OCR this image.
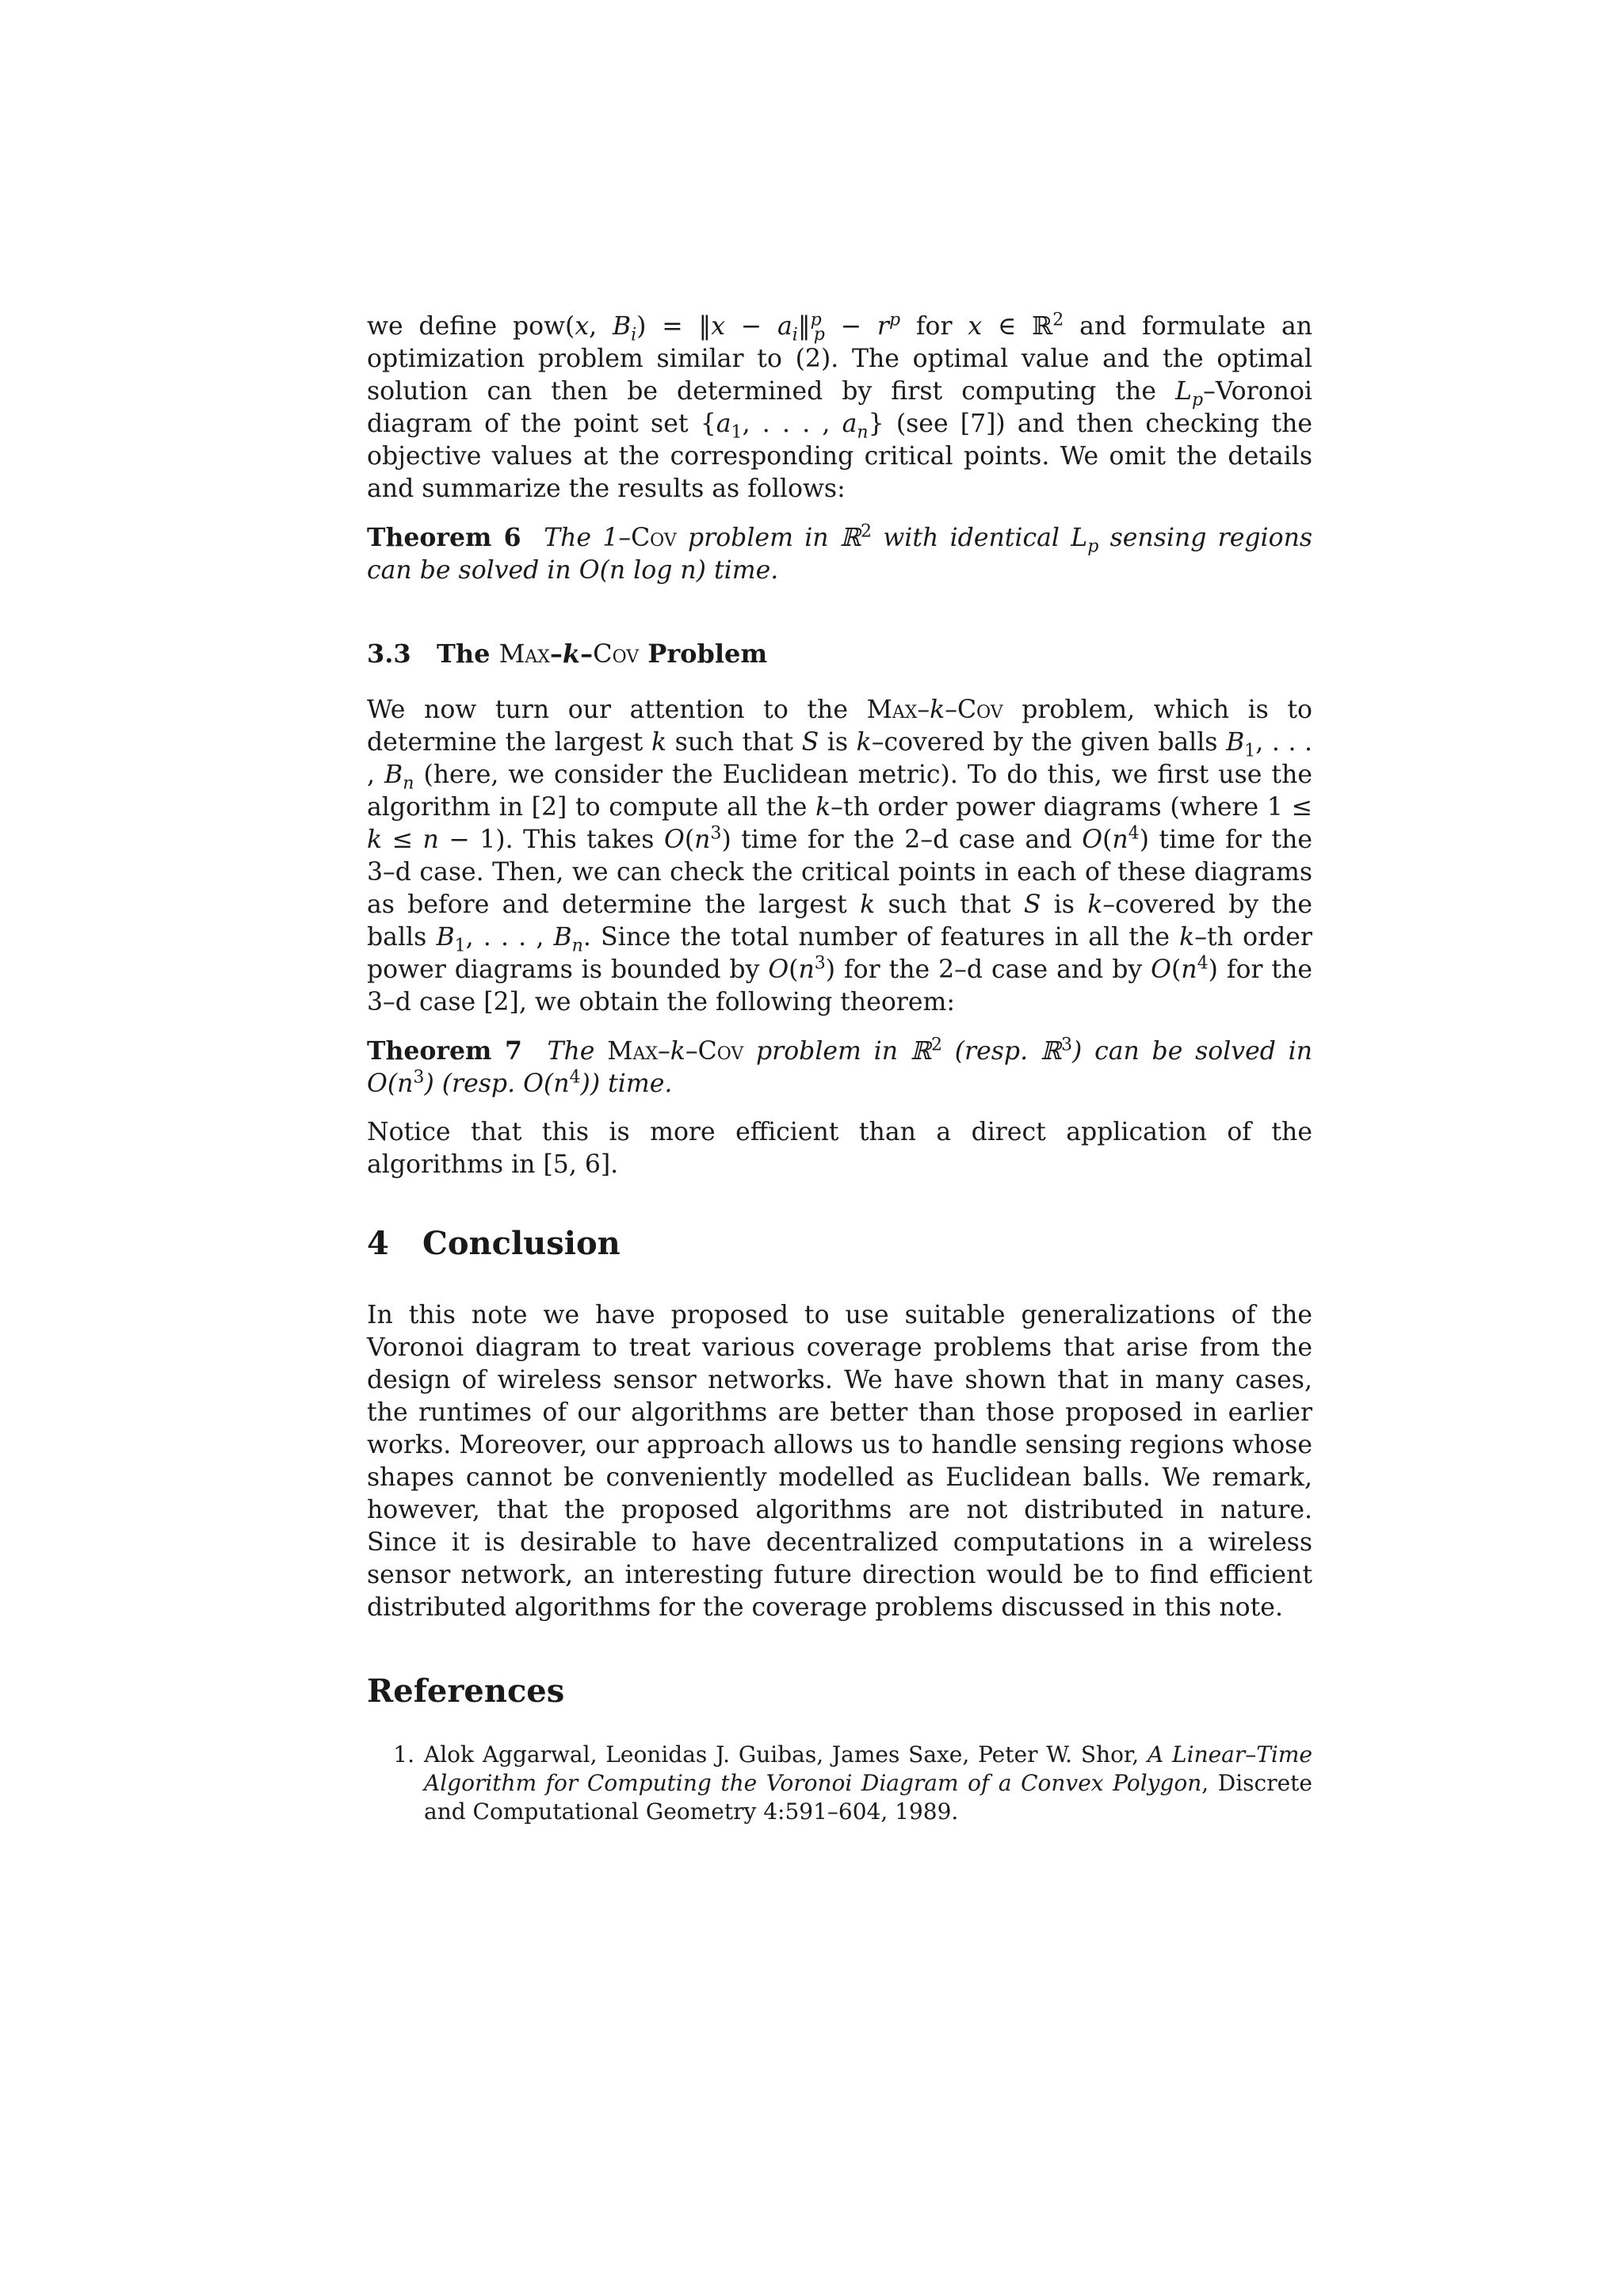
we define pow(x, $B_i$) = ‖x − $a_i‖^p_p - r^p$ for x ∈ ℝ$^2$ and formulate an optimization problem similar to (2). The optimal value and the optimal solution can then be determined by first computing the $L_p$–Voronoi diagram of the point set {$a_1$, . . . , $a_n$} (see [7]) and then checking the objective values at the corresponding critical points. We omit the details and summarize the results as follows:

Theorem 6 The 1–Cov problem in ℝ$^2$ with identical $L_p$ sensing regions can be solved in O(n log n) time.

3.3 The Max–k–Cov Problem

We now turn our attention to the Max–k–Cov problem, which is to determine the largest k such that S is k–covered by the given balls $B_1$, . . . , $B_n$ (here, we consider the Euclidean metric). To do this, we first use the algorithm in [2] to compute all the k–th order power diagrams (where 1 ≤ k ≤ n − 1). This takes $O(n^3)$ time for the 2–d case and $O(n^4)$ time for the 3–d case. Then, we can check the critical points in each of these diagrams as before and determine the largest k such that S is k–covered by the balls $B_1$, . . . , $B_n$. Since the total number of features in all the k–th order power diagrams is bounded by $O(n^3)$ for the 2–d case and by $O(n^4)$ for the 3–d case [2], we obtain the following theorem:

Theorem 7 The Max–k–Cov problem in ℝ$^2$ (resp. ℝ$^3$) can be solved in $O(n^3)$ (resp. $O(n^4)$) time.

Notice that this is more efficient than a direct application of the algorithms in [5, 6].

4 Conclusion

In this note we have proposed to use suitable generalizations of the Voronoi diagram to treat various coverage problems that arise from the design of wireless sensor networks. We have shown that in many cases, the runtimes of our algorithms are better than those proposed in earlier works. Moreover, our approach allows us to handle sensing regions whose shapes cannot be conveniently modelled as Euclidean balls. We remark, however, that the proposed algorithms are not distributed in nature. Since it is desirable to have decentralized computations in a wireless sensor network, an interesting future direction would be to find efficient distributed algorithms for the coverage problems discussed in this note.

References
1. Alok Aggarwal, Leonidas J. Guibas, James Saxe, Peter W. Shor, A Linear–Time Algorithm for Computing the Voronoi Diagram of a Convex Polygon, Discrete and Computational Geometry 4:591–604, 1989.
